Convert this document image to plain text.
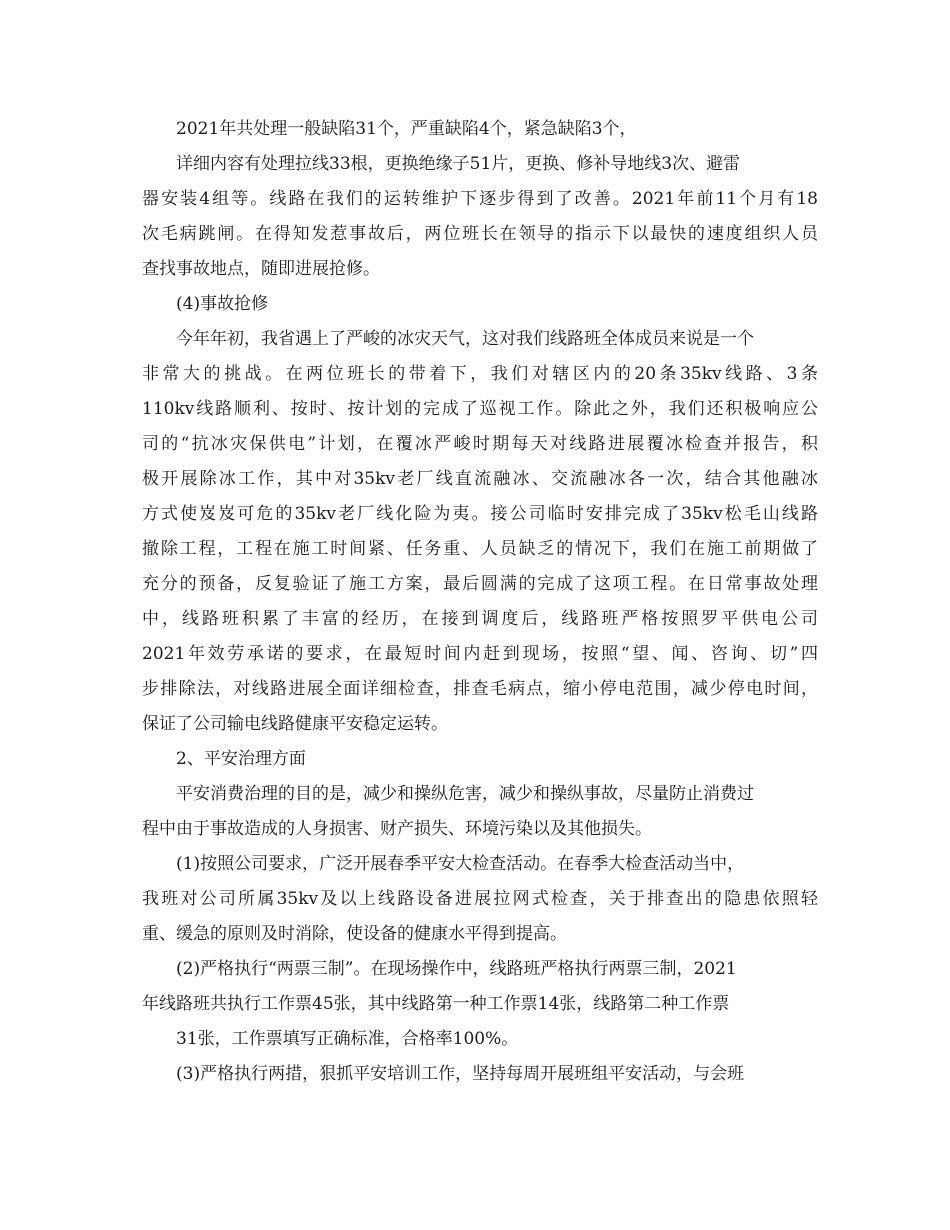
2021年共处理一般缺陷31个，严重缺陷4个，紧急缺陷3个，
详细内容有处理拉线33根，更换绝缘子51片，更换、修补导地线3次、避雷
器安装4组等。线路在我们的运转维护下逐步得到了改善。2021年前11个月有18
次毛病跳闸。在得知发惹事故后，两位班长在领导的指示下以最快的速度组织人员
查找事故地点，随即进展抢修。
(4)事故抢修
今年年初，我省遇上了严峻的冰灾天气，这对我们线路班全体成员来说是一个
非常大的挑战。在两位班长的带着下，我们对辖区内的20条35kv线路、3条
110kv线路顺利、按时、按计划的完成了巡视工作。除此之外，我们还积极响应公
司的“抗冰灾保供电”计划，在覆冰严峻时期每天对线路进展覆冰检查并报告，积
极开展除冰工作，其中对35kv老厂线直流融冰、交流融冰各一次，结合其他融冰
方式使岌岌可危的35kv老厂线化险为夷。接公司临时安排完成了35kv松毛山线路
撤除工程，工程在施工时间紧、任务重、人员缺乏的情况下，我们在施工前期做了
充分的预备，反复验证了施工方案，最后圆满的完成了这项工程。在日常事故处理
中，线路班积累了丰富的经历，在接到调度后，线路班严格按照罗平供电公司
2021年效劳承诺的要求，在最短时间内赶到现场，按照“望、闻、咨询、切”四
步排除法，对线路进展全面详细检查，排查毛病点，缩小停电范围，减少停电时间，
保证了公司输电线路健康平安稳定运转。
2、平安治理方面
平安消费治理的目的是，减少和操纵危害，减少和操纵事故，尽量防止消费过
程中由于事故造成的人身损害、财产损失、环境污染以及其他损失。
(1)按照公司要求，广泛开展春季平安大检查活动。在春季大检查活动当中，
我班对公司所属35kv及以上线路设备进展拉网式检查，关于排查出的隐患依照轻
重、缓急的原则及时消除，使设备的健康水平得到提高。
(2)严格执行“两票三制”。在现场操作中，线路班严格执行两票三制，2021
年线路班共执行工作票45张，其中线路第一种工作票14张，线路第二种工作票
31张，工作票填写正确标准，合格率100%。
(3)严格执行两措，狠抓平安培训工作，坚持每周开展班组平安活动，与会班
